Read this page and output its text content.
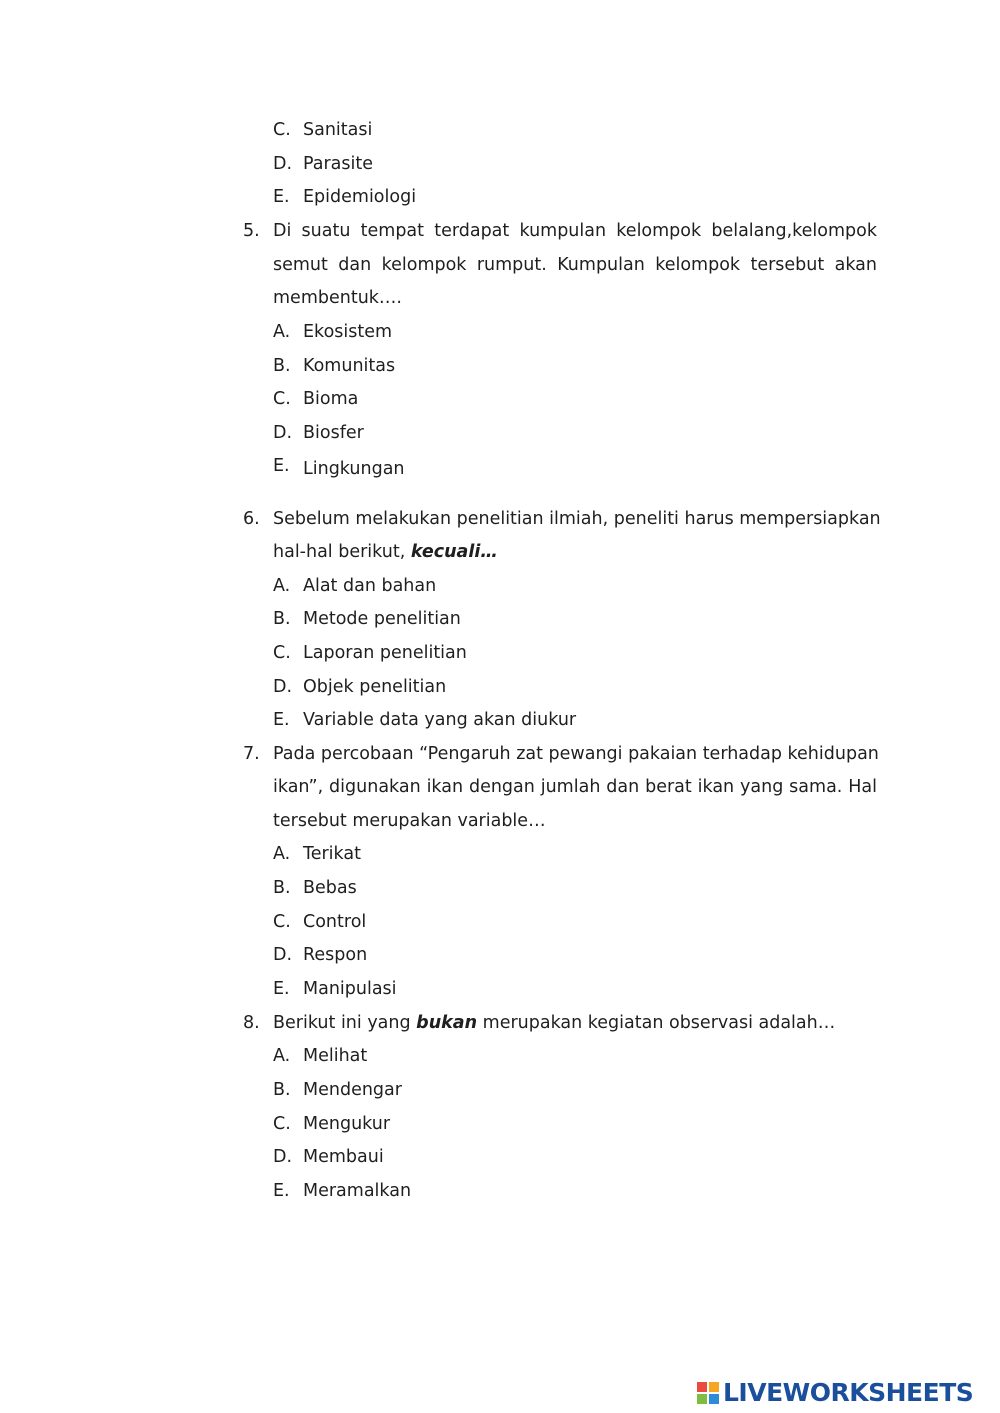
C. Sanitasi
D. Parasite
E. Epidemiologi
5. Di suatu tempat terdapat kumpulan kelompok belalang,kelompok
semut dan kelompok rumput. Kumpulan kelompok tersebut akan
membentuk….
A. Ekosistem
B. Komunitas
C. Bioma
D. Biosfer
E. Lingkungan
6. Sebelum melakukan penelitian ilmiah, peneliti harus mempersiapkan
hal-hal berikut, kecuali…
A. Alat dan bahan
B. Metode penelitian
C. Laporan penelitian
D. Objek penelitian
E. Variable data yang akan diukur
7. Pada percobaan “Pengaruh zat pewangi pakaian terhadap kehidupan
ikan”, digunakan ikan dengan jumlah dan berat ikan yang sama. Hal
tersebut merupakan variable…
A. Terikat
B. Bebas
C. Control
D. Respon
E. Manipulasi
8. Berikut ini yang bukan merupakan kegiatan observasi adalah…
A. Melihat
B. Mendengar
C. Mengukur
D. Membaui
E. Meramalkan
LIVEWORKSHEETS
